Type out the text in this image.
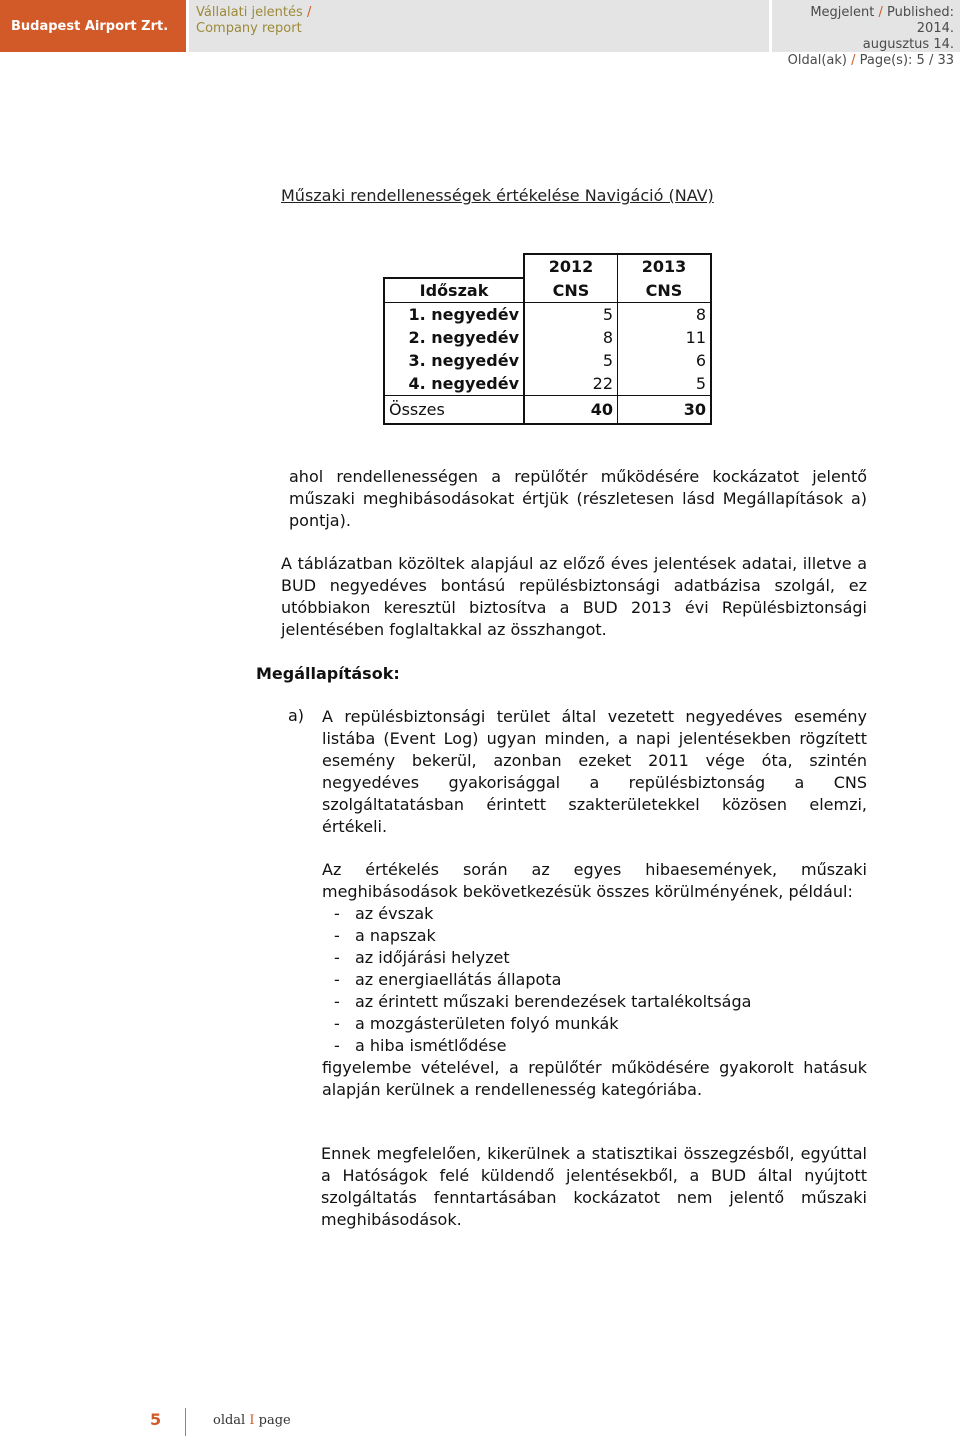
Budapest Airport Zrt.
Vállalati jelentés /
Company report
Megjelent / Published: 2014.
augusztus 14.
Oldal(ak) / Page(s): 5 / 33
Műszaki rendellenességek értékelése Navigáció (NAV)
	2012	2013
Időszak	CNS	CNS
1. negyedév	5	8
2. negyedév	8	11
3. negyedév	5	6
4. negyedév	22	5
Összes	40	30
ahol rendellenességen a repülőtér működésére kockázatot jelentő műszaki meghibásodásokat értjük (részletesen lásd Megállapítások a) pontja).
A táblázatban közöltek alapjául az előző éves jelentések adatai, illetve a BUD negyedéves bontású repülésbiztonsági adatbázisa szolgál, ez utóbbiakon keresztül biztosítva a BUD 2013 évi Repülésbiztonsági jelentésében foglaltakkal az összhangot.
Megállapítások:
a) A repülésbiztonsági terület által vezetett negyedéves esemény listába (Event Log) ugyan minden, a napi jelentésekben rögzített esemény bekerül, azonban ezeket 2011 vége óta, szintén negyedéves gyakorisággal a repülésbiztonság a CNS szolgáltatatásban érintett szakterületekkel közösen elemzi, értékeli.

Az értékelés során az egyes hibaesemények, műszaki meghibásodások bekövetkezésük összes körülményének, például:

- az évszak
- a napszak
- az időjárási helyzet
- az energiaellátás állapota
- az érintett műszaki berendezések tartalékoltsága
- a mozgásterületen folyó munkák
- a hiba ismétlődése

figyelembe vételével, a repülőtér működésére gyakorolt hatásuk alapján kerülnek a rendellenesség kategóriába.

Ennek megfelelően, kikerülnek a statisztikai összegzésből, egyúttal a Hatóságok felé küldendő jelentésekből, a BUD által nyújtott szolgáltatás fenntartásában kockázatot nem jelentő műszaki meghibásodások.
5	oldal I page
